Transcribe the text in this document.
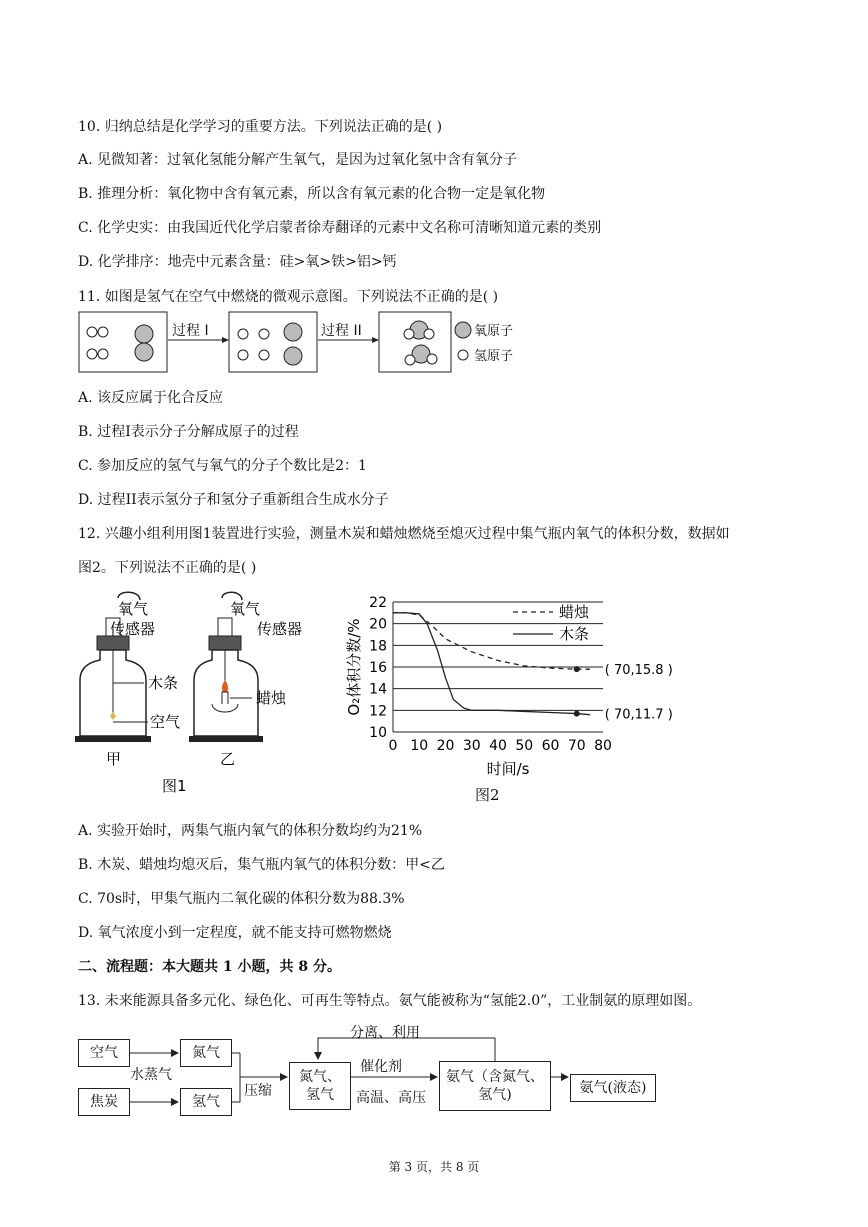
10. 归纳总结是化学学习的重要方法。下列说法正确的是( )
A. 见微知著：过氧化氢能分解产生氧气，是因为过氧化氢中含有氧分子
B. 推理分析：氧化物中含有氧元素，所以含有氧元素的化合物一定是氧化物
C. 化学史实：由我国近代化学启蒙者徐寿翻译的元素中文名称可清晰知道元素的类别
D. 化学排序：地壳中元素含量：硅>氧>铁>铝>钙
11. 如图是氢气在空气中燃烧的微观示意图。下列说法不正确的是( )
过程 I	过程 II	氧原子
氢原子
A. 该反应属于化合反应
B. 过程I表示分子分解成原子的过程
C. 参加反应的氢气与氧气的分子个数比是2：1
D. 过程II表示氢分子和氢分子重新组合生成水分子
12. 兴趣小组利用图1装置进行实验，测量木炭和蜡烛燃烧至熄灭过程中集气瓶内氧气的体积分数，数据如
图2。下列说法不正确的是( )
氧气
传感器
木条
空气
甲
氧气
传感器
蜡烛
乙
图1
10
12
14
16
18
20
22
0 10 20 30 40 50 60 70 80
( 70,15.8 )
( 70,11.7 )
蜡烛
木条
O₂体积分数/%
时间/s
图2
A. 实验开始时，两集气瓶内氧气的体积分数均约为21%
B. 木炭、蜡烛均熄灭后，集气瓶内氧气的体积分数：甲<乙
C. 70s时，甲集气瓶内二氧化碳的体积分数为88.3%
D. 氧气浓度小到一定程度，就不能支持可燃物燃烧
二、流程题：本大题共 1 小题，共 8 分。
13. 未来能源具备多元化、绿色化、可再生等特点。氨气能被称为“氢能2.0”，工业制氨的原理如图。
空气	氮气
焦炭	氢气
水蒸气
压缩
氮气、
氢气
催化剂
高温、高压
分离、利用
氨气（含氮气、
氢气)	氨气(液态)
第 3 页，共 8 页
